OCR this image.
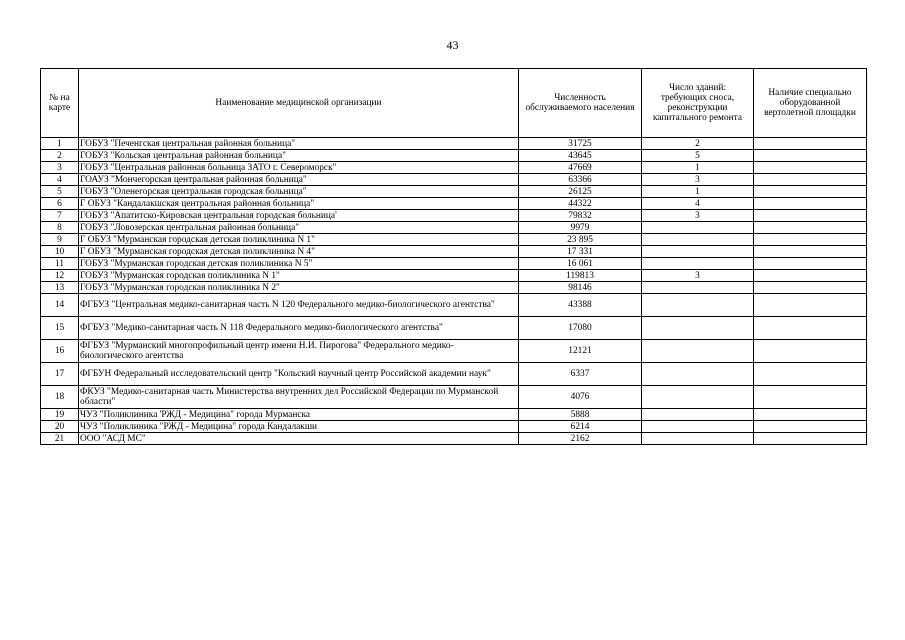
43
№ на карте	Наименование медицинской организации	Численность обслуживаемого населения	Число зданий: требующих сноса, реконструкции капитального ремонта	Наличие специально оборудованной вертолетной площадки
1	ГОБУЗ "Печенгская центральная районная больница"	31725	2	
2	ГОБУЗ "Кольская центральная районная больница"	43645	5	
3	ГОБУЗ "Центральная районная больница ЗАТО г. Североморск"	47669	1	
4	ГОАУЗ "Мончегорская центральная районная больница"	63366	3	
5	ГОБУЗ "Оленегорская центральная городская больница"	26125	1	
6	Г ОБУЗ "Кандалакшская центральная районная больница"	44322	4	
7	ГОБУЗ "Апатитско-Кировская центральная городская больница'	79832	3	
8	ГОБУЗ "Ловозерская центральная районная больница"	9979		
9	Г ОБУЗ "Мурманская городская детская поликлиника N 1"	23 895		
10	Г ОБУЗ "Мурманская городская детская поликлиника N 4"	17 331		
11	ГОБУЗ "Мурманская городская детская поликлиника N 5"	16 061		
12	ГОБУЗ "Мурманская городская поликлиника N 1"	119813	3	
13	ГОБУЗ "Мурманская городская поликлиника N 2"	98146		
14	ФГБУЗ "Центральная медико-санитарная часть N 120 Федерального медико-биологического агентства"	43388		
15	ФГБУЗ "Медико-санитарная часть N 118 Федерального медико-биологического агентства"	17080		
16	ФГБУЗ "Мурманский многопрофильный центр имени Н.И. Пирогова" Федерального медико-биологического агентства	12121		
17	ФГБУН Федеральный исследовательский центр "Кольский научный центр Российской академии наук"	6337		
18	ФКУЗ "Медико-санитарная часть Министерства внутренних дел Российской Федерации по Мурманской области"	4076		
19	ЧУЗ "Поликлиника 'РЖД - Медицина" города Мурманска	5888		
20	ЧУЗ "Поликлиника "РЖД - Медицина" города Кандалакши	6214		
21	ООО "АСД МС"	2162		
